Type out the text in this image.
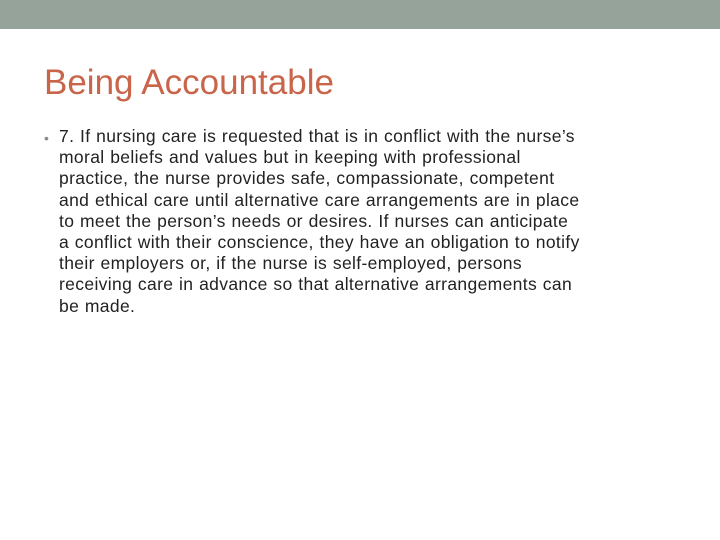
Being Accountable
• 7. If nursing care is requested that is in conflict with the nurse’s
moral beliefs and values but in keeping with professional
practice, the nurse provides safe, compassionate, competent
and ethical care until alternative care arrangements are in place
to meet the person’s needs or desires. If nurses can anticipate
a conflict with their conscience, they have an obligation to notify
their employers or, if the nurse is self-employed, persons
receiving care in advance so that alternative arrangements can
be made.
